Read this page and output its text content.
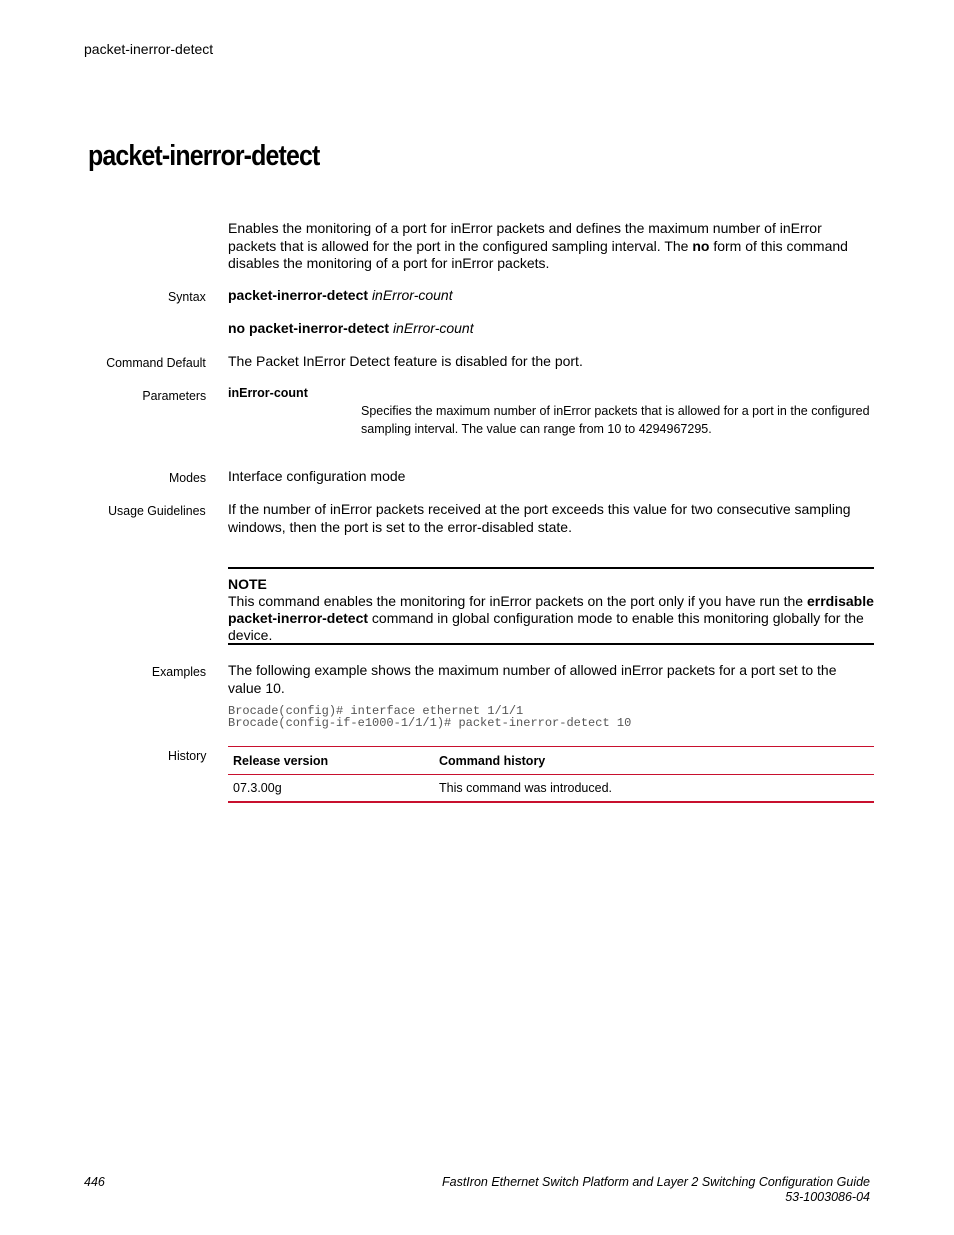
packet-inerror-detect
packet-inerror-detect
Enables the monitoring of a port for inError packets and defines the maximum number of inError packets that is allowed for the port in the configured sampling interval. The no form of this command disables the monitoring of a port for inError packets.
Syntax packet-inerror-detect inError-count
no packet-inerror-detect inError-count
Command Default The Packet InError Detect feature is disabled for the port.
Parameters inError-count
Specifies the maximum number of inError packets that is allowed for a port in the configured sampling interval. The value can range from 10 to 4294967295.
Modes Interface configuration mode
Usage Guidelines If the number of inError packets received at the port exceeds this value for two consecutive sampling windows, then the port is set to the error-disabled state.
NOTE
This command enables the monitoring for inError packets on the port only if you have run the errdisable packet-inerror-detect command in global configuration mode to enable this monitoring globally for the device.
Examples The following example shows the maximum number of allowed inError packets for a port set to the value 10.
Brocade(config)# interface ethernet 1/1/1
Brocade(config-if-e1000-1/1/1)# packet-inerror-detect 10
History Release version	Command history
07.3.00g	This command was introduced.
446	FastIron Ethernet Switch Platform and Layer 2 Switching Configuration Guide
53-1003086-04
